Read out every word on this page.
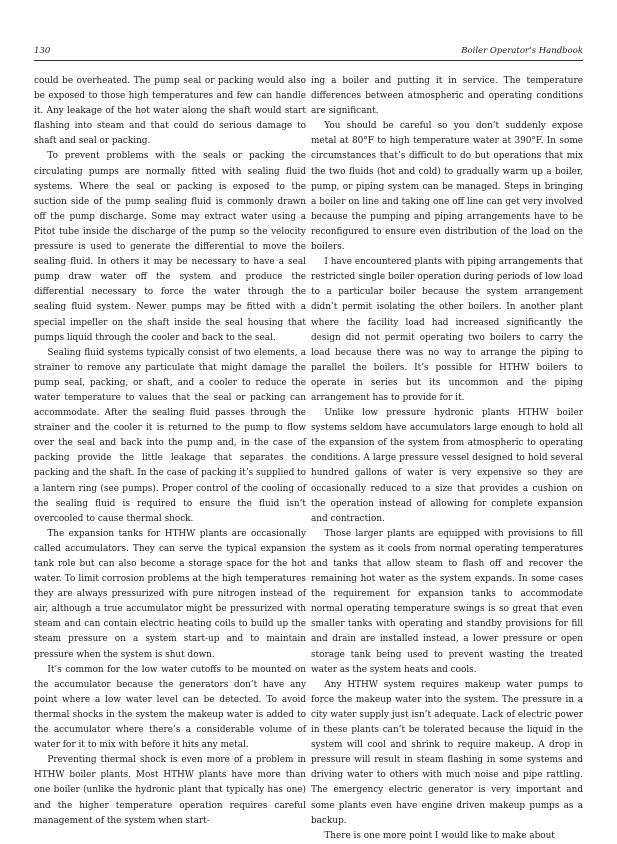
130	Boiler Operator’s Handbook

could be overheated. The pump seal or packing would also be exposed to those high temperatures and few can handle it. Any leakage of the hot water along the shaft would start flashing into steam and that could do serious damage to shaft and seal or packing.

To prevent problems with the seals or packing the circulating pumps are normally fitted with sealing fluid systems. Where the seal or packing is exposed to the suction side of the pump sealing fluid is commonly drawn off the pump discharge. Some may extract water using a Pitot tube inside the discharge of the pump so the velocity pressure is used to generate the differential to move the sealing fluid. In others it may be necessary to have a seal pump draw water off the system and produce the differential necessary to force the water through the sealing fluid system. Newer pumps may be fitted with a special impeller on the shaft inside the seal housing that pumps liquid through the cooler and back to the seal.

Sealing fluid systems typically consist of two elements, a strainer to remove any particulate that might damage the pump seal, packing, or shaft, and a cooler to reduce the water temperature to values that the seal or packing can accommodate. After the sealing fluid passes through the strainer and the cooler it is returned to the pump to flow over the seal and back into the pump and, in the case of packing provide the little leakage that separates the packing and the shaft. In the case of packing it’s supplied to a lantern ring (see pumps). Proper control of the cooling of the sealing fluid is required to ensure the fluid isn’t overcooled to cause thermal shock.

The expansion tanks for HTHW plants are occasionally called accumulators. They can serve the typical expansion tank role but can also become a storage space for the hot water. To limit corrosion problems at the high temperatures they are always pressurized with pure nitrogen instead of air, although a true accumulator might be pressurized with steam and can contain electric heating coils to build up the steam pressure on a system start-up and to maintain pressure when the system is shut down.

It’s common for the low water cutoffs to be mounted on the accumulator because the generators don’t have any point where a low water level can be detected. To avoid thermal shocks in the system the makeup water is added to the accumulator where there’s a considerable volume of water for it to mix with before it hits any metal.

Preventing thermal shock is even more of a problem in HTHW boiler plants. Most HTHW plants have more than one boiler (unlike the hydronic plant that typically has one) and the higher temperature operation requires careful management of the system when start-

ing a boiler and putting it in service. The temperature differences between atmospheric and operating conditions are significant.

You should be careful so you don’t suddenly expose metal at 80°F to high temperature water at 390°F. In some circumstances that’s difficult to do but operations that mix the two fluids (hot and cold) to gradually warm up a boiler, pump, or piping system can be managed. Steps in bringing a boiler on line and taking one off line can get very involved because the pumping and piping arrangements have to be reconfigured to ensure even distribution of the load on the boilers.

I have encountered plants with piping arrangements that restricted single boiler operation during periods of low load to a particular boiler because the system arrangement didn’t permit isolating the other boilers. In another plant where the facility load had increased significantly the design did not permit operating two boilers to carry the load because there was no way to arrange the piping to parallel the boilers. It’s possible for HTHW boilers to operate in series but its uncommon and the piping arrangement has to provide for it.

Unlike low pressure hydronic plants HTHW boiler systems seldom have accumulators large enough to hold all the expansion of the system from atmospheric to operating conditions. A large pressure vessel designed to hold several hundred gallons of water is very expensive so they are occasionally reduced to a size that provides a cushion on the operation instead of allowing for complete expansion and contraction.

Those larger plants are equipped with provisions to fill the system as it cools from normal operating temperatures and tanks that allow steam to flash off and recover the remaining hot water as the system expands. In some cases the requirement for expansion tanks to accommodate normal operating temperature swings is so great that even smaller tanks with operating and standby provisions for fill and drain are installed instead, a lower pressure or open storage tank being used to prevent wasting the treated water as the system heats and cools.

Any HTHW system requires makeup water pumps to force the makeup water into the system. The pressure in a city water supply just isn’t adequate. Lack of electric power in these plants can’t be tolerated because the liquid in the system will cool and shrink to require makeup. A drop in pressure will result in steam flashing in some systems and driving water to others with much noise and pipe rattling. The emergency electric generator is very important and some plants even have engine driven makeup pumps as a backup.

There is one more point I would like to make about
